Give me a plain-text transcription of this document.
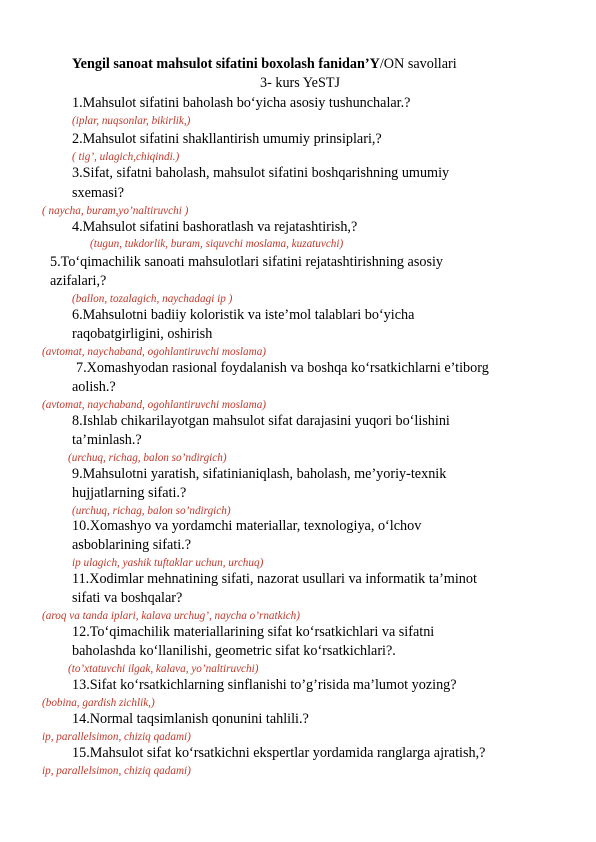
Yengil sanoat mahsulot sifatini boxolash fanidan’Y/ON savollari
3- kurs YeSTJ
1.Mahsulot sifatini baholash bo‘yicha asosiy tushunchalar.?
(iplar, nuqsonlar, bikirlik,)
2.Mahsulot sifatini shakllantirish umumiy prinsiplari,?
( tig’, ulagich,chiqindi.)
3.Sifat, sifatni baholash, mahsulot sifatini boshqarishning umumiy
sxemasi?
( naycha, buram,yo’naltiruvchi )
4.Mahsulot sifatini bashoratlash va rejatashtirish,?
(tugun, tukdorlik, buram, siquvchi moslama, kuzatuvchi)
5.To‘qimachilik sanoati mahsulotlari sifatini rejatashtirishning asosiy
azifalari,?
(ballon, tozalagich, naychadagi ip )
6.Mahsulotni badiiy koloristik va iste’mol talablari bo‘yicha
raqobatgirligini, oshirish
(avtomat, naychaband, ogohlantiruvchi moslama)
7.Xomashyodan rasional foydalanish va boshqa ko‘rsatkichlarni e’tiborg
aolish.?
(avtomat, naychaband, ogohlantiruvchi moslama)
8.Ishlab chikarilayotgan mahsulot sifat darajasini yuqori bo‘lishini
ta’minlash.?
(urchuq, richag, balon so’ndirgich)
9.Mahsulotni yaratish, sifatinianiqlash, baholash, me’yoriy-texnik
hujjatlarning sifati.?
(urchuq, richag, balon so’ndirgich)
10.Xomashyo va yordamchi materiallar, texnologiya, o‘lchov
asboblarining sifati.?
ip ulagich, yashik tuftaklar uchun, urchuq)
11.Xodimlar mehnatining sifati, nazorat usullari va informatik ta’minot
sifati va boshqalar?
(aroq va tanda iplari, kalava urchug’, naycha o’rnatkich)
12.To‘qimachilik materiallarining sifat ko‘rsatkichlari va sifatni
baholashda ko‘llanilishi, geometric sifat ko‘rsatkichlari?.
(to’xtatuvchi ilgak, kalava, yo’naltiruvchi)
13.Sifat ko‘rsatkichlarning sinflanishi to’g’risida ma’lumot yozing?
(bobina, gardish zichlik,)
14.Normal taqsimlanish qonunini tahlili.?
ip, parallelsimon, chiziq qadami)
15.Mahsulot sifat ko‘rsatkichni ekspertlar yordamida ranglarga ajratish,?
ip, parallelsimon, chiziq qadami)
